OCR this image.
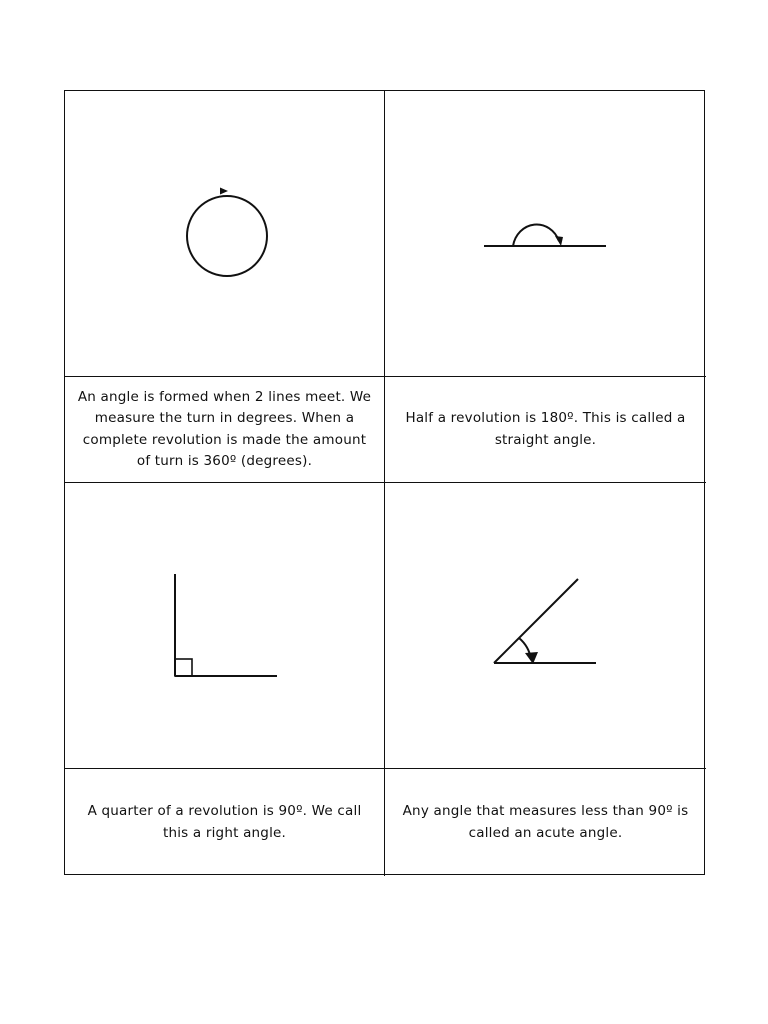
An angle is formed when 2 lines meet. We measure the turn in degrees. When a complete revolution is made the amount of turn is 360º (degrees).
Half a revolution is 180º. This is called a straight angle.
A quarter of a revolution is 90º. We call this a right angle.
Any angle that measures less than 90º is called an acute angle.
